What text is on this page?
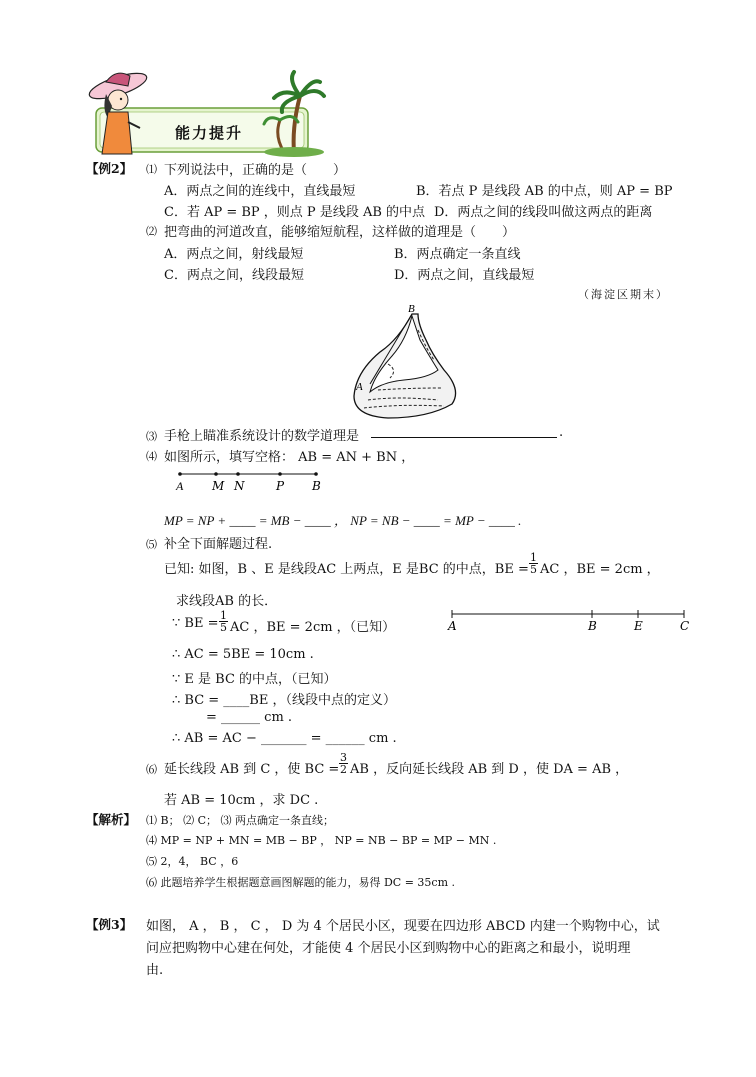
能力提升
【例2】 ⑴ 下列说法中，正确的是（　　）
A．两点之间的连线中，直线最短	B．若点 P 是线段 AB 的中点，则 AP = BP
C．若 AP = BP ，则点 P 是线段 AB 的中点 D．两点之间的线段叫做这两点的距离
⑵ 把弯曲的河道改直，能够缩短航程，这样做的道理是（　　）
A．两点之间，射线最短	B．两点确定一条直线
C．两点之间，线段最短	D．两点之间，直线最短
（海淀区期末）
B
A
⑶ 手枪上瞄准系统设计的数学道理是	.
⑷ 如图所示，填写空格： AB = AN + BN ，
A M N	P B
MP = NP + ____ = MB − ____ ， NP = NB − ____ = MP − ____ .
⑸ 补全下面解题过程.
已知: 如图，B 、E 是线段AC 上两点，E 是BC 的中点，BE = $\frac{1}{5}$ AC ，BE = 2cm ，
求线段AB 的长．
A	B	E	C
∵ BE = $\frac{1}{5}$ AC ，BE = 2cm ，（已知）
∴ AC = 5BE = 10cm .
∵ E 是 BC 的中点，（已知）
∴ BC = ____BE ，（线段中点的定义）
= ______ cm .
∴ AB = AC − _______ = ______ cm .
⑹ 延长线段 AB 到 C ，使 BC = $\frac{3}{2}$ AB ，反向延长线段 AB 到 D ，使 DA = AB ，
若 AB = 10cm ，求 DC .
【解析】 ⑴ B； ⑵ C； ⑶ 两点确定一条直线；
⑷ MP = NP + MN = MB − BP ， NP = NB − BP = MP − MN .
⑸ 2，4， BC ，6
⑹ 此题培养学生根据题意画图解题的能力，易得 DC = 35cm .
【例3】 如图， A ， B ， C ， D 为 4 个居民小区，现要在四边形 ABCD 内建一个购物中心，试
问应把购物中心建在何处，才能使 4 个居民小区到购物中心的距离之和最小，说明理
由.
